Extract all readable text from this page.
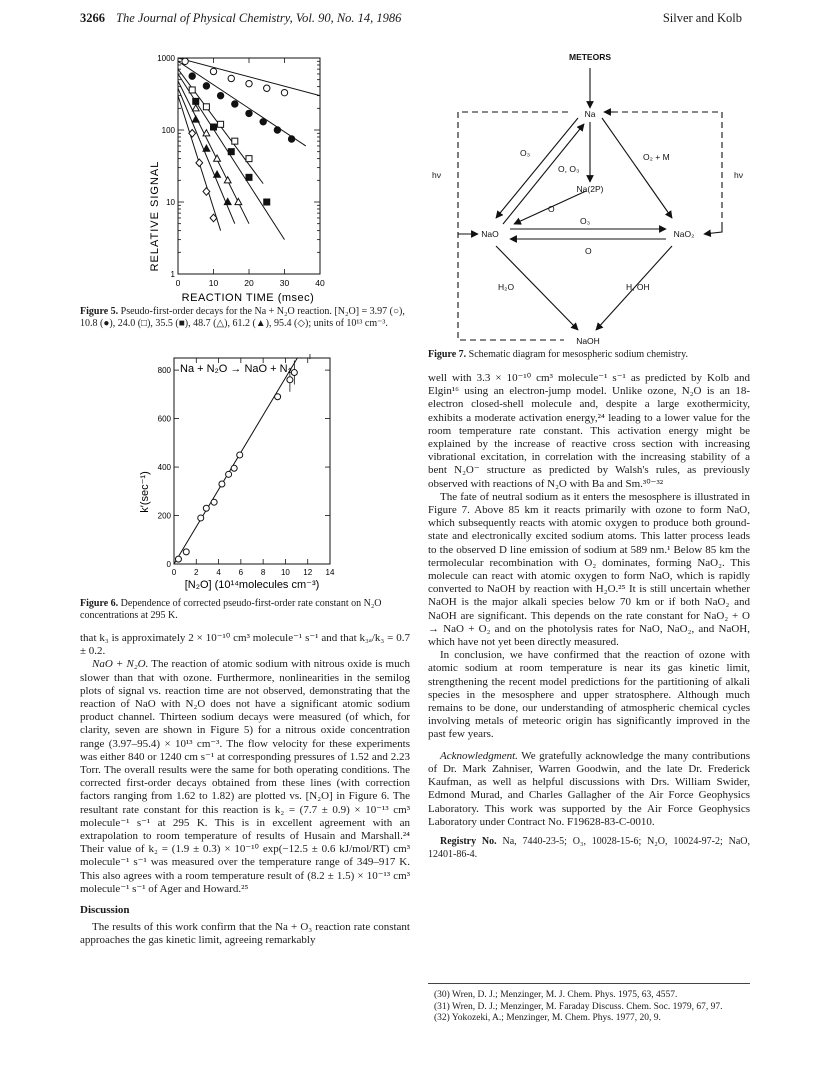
3266 The Journal of Physical Chemistry, Vol. 90, No. 14, 1986	Silver and Kolb
1000
100
10
1
0	10	20	30	40
RELATIVE SIGNAL
REACTION TIME (msec)
Figure 5. Pseudo-first-order decays for the Na + N₂O reaction. [N₂O] = 3.97 (○), 10.8 (●), 24.0 (□), 35.5 (■), 48.7 (△), 61.2 (▲), 95.4 (◇); units of 10¹³ cm⁻³.
0
200
400
600
800
0 2 4 6 8 10 12 14
k′(sec⁻¹)
[N₂O] (10¹⁴molecules cm⁻³)
Na + N₂O → NaO + N₂
Figure 6. Dependence of corrected pseudo-first-order rate constant on N₂O concentrations at 295 K.

that k₃ is approximately 2 × 10⁻¹⁰ cm³ molecule⁻¹ s⁻¹ and that k₃ₐ/k₃ = 0.7 ± 0.2.

NaO + N₂O. The reaction of atomic sodium with nitrous oxide is much slower than that with ozone. Furthermore, nonlinearities in the semilog plots of signal vs. reaction time are not observed, demonstrating that the reaction of NaO with N₂O does not have a significant atomic sodium product channel. Thirteen sodium decays were measured (of which, for clarity, seven are shown in Figure 5) for a nitrous oxide concentration range (3.97–95.4) × 10¹³ cm⁻³. The flow velocity for these experiments was either 840 or 1240 cm s⁻¹ at corresponding pressures of 1.52 and 2.23 Torr. The overall results were the same for both operating conditions. The corrected first-order decays obtained from these lines (with correction factors ranging from 1.62 to 1.82) are plotted vs. [N₂O] in Figure 6. The resultant rate constant for this reaction is k₂ = (7.7 ± 0.9) × 10⁻¹³ cm³ molecule⁻¹ s⁻¹ at 295 K. This is in excellent agreement with an extrapolation to room temperature of results of Husain and Marshall.²⁴ Their value of k₂ = (1.9 ± 0.3) × 10⁻¹⁰ exp(−12.5 ± 0.6 kJ/mol/RT) cm³ molecule⁻¹ s⁻¹ was measured over the temperature range of 349–917 K. This also agrees with a room temperature result of (8.2 ± 1.5) × 10⁻¹³ cm³ molecule⁻¹ s⁻¹ of Ager and Howard.²⁵

Discussion

The results of this work confirm that the Na + O₃ reaction rate constant approaches the gas kinetic limit, agreeing remarkably

METEORS
Na
Na(2P)
NaO	NaO₂
NaOH
hν	hν
O₃
O, O₃
O₂ + M
O
O₃
O
H₂O	H, OH
Figure 7. Schematic diagram for mesospheric sodium chemistry.

well with 3.3 × 10⁻¹⁰ cm³ molecule⁻¹ s⁻¹ as predicted by Kolb and Elgin¹⁶ using an electron-jump model. Unlike ozone, N₂O is an 18-electron closed-shell molecule and, despite a large exothermicity, exhibits a moderate activation energy,²⁴ leading to a lower value for the room temperature rate constant. This activation energy might be explained by the increase of reactive cross section with increasing vibrational excitation, in correlation with the increasing stability of a bent N₂O⁻ structure as predicted by Walsh's rules, as previously observed with reactions of N₂O with Ba and Sm.³⁰⁻³²

The fate of neutral sodium as it enters the mesosphere is illustrated in Figure 7. Above 85 km it reacts primarily with ozone to form NaO, which subsequently reacts with atomic oxygen to produce both ground-state and electronically excited sodium atoms. This latter process leads to the observed D line emission of sodium at 589 nm.¹ Below 85 km the termolecular recombination with O₂ dominates, forming NaO₂. This molecule can react with atomic oxygen to form NaO, which is rapidly converted to NaOH by reaction with H₂O.²⁵ It is still uncertain whether NaOH is the major alkali species below 70 km or if both NaO₂ and NaOH are significant. This depends on the rate constant for NaO₂ + O → NaO + O₂ and on the photolysis rates for NaO, NaO₂, and NaOH, which have not yet been directly measured.

In conclusion, we have confirmed that the reaction of ozone with atomic sodium at room temperature is near its gas kinetic limit, strengthening the recent model predictions for the partitioning of alkali species in the mesosphere and upper stratosphere. Although much remains to be done, our understanding of atmospheric chemical cycles involving metals of meteoric origin has significantly improved in the past few years.

Acknowledgment. We gratefully acknowledge the many contributions of Dr. Mark Zahniser, Warren Goodwin, and the late Dr. Frederick Kaufman, as well as helpful discussions with Drs. William Swider, Edmond Murad, and Charles Gallagher of the Air Force Geophysics Laboratory. This work was supported by the Air Force Geophysics Laboratory under Contract No. F19628-83-C-0010.

Registry No. Na, 7440-23-5; O₃, 10028-15-6; N₂O, 10024-97-2; NaO, 12401-86-4.

(30) Wren, D. J.; Menzinger, M. J. Chem. Phys. 1975, 63, 4557.
(31) Wren, D. J.; Menzinger, M. Faraday Discuss. Chem. Soc. 1979, 67, 97.
(32) Yokozeki, A.; Menzinger, M. Chem. Phys. 1977, 20, 9.
